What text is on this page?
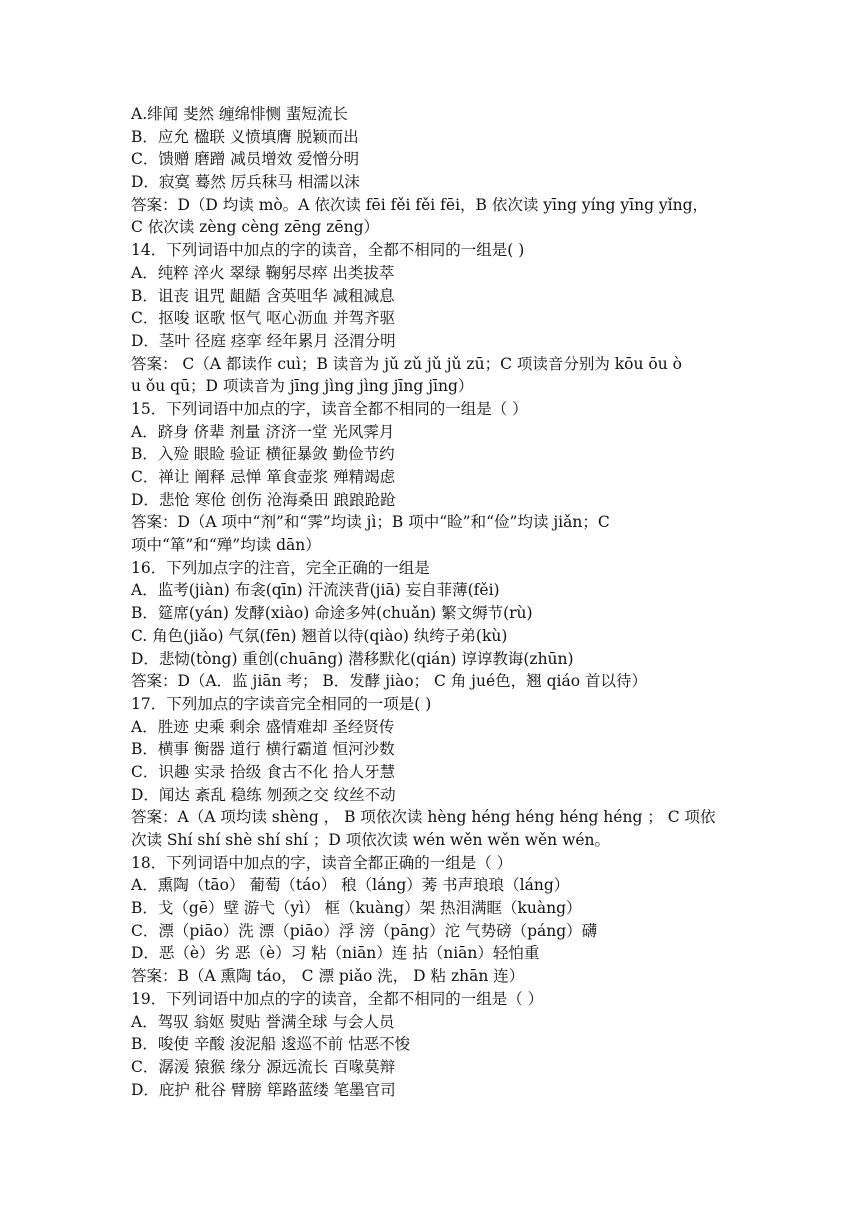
A.绯闻 斐然 缠绵悱恻 蜚短流长
B．应允 楹联 义愤填膺 脱颖而出
C．馈赠 磨蹭 减员增效 爱憎分明
D．寂寞 蓦然 厉兵秣马 相濡以沫
答案：D（D 均读 mò。A 依次读 fēi fěi fěi fēi，B 依次读 yīng yíng yīng yǐng，
C 依次读 zèng cèng zēng zēng）
14．下列词语中加点的字的读音，全都不相同的一组是( )
A．纯粹 淬火 翠绿 鞠躬尽瘁 出类拔萃
B．诅丧 诅咒 龃龉 含英咀华 减租减息
C．抠唆 讴歌 怄气 呕心沥血 并驾齐驱
D．茎叶 径庭 痉挛 经年累月 泾渭分明
答案： C（A 都读作 cuì；B 读音为 jǔ zǔ jǔ jǔ zū；C 项读音分别为 kōu ōu ò
u ǒu qū；D 项读音为 jīng jìng jìng jīng jīng）
15．下列词语中加点的字，读音全都不相同的一组是（ ）
A．跻身 侪辈 剂量 济济一堂 光风霁月
B．入殓 眼睑 验证 横征暴敛 勤俭节约
C．禅让 阐释 忌惮 箪食壶浆 殚精竭虑
D．悲怆 寒伧 创伤 沧海桑田 踉踉跄跄
答案：D（A 项中“剂”和“霁”均读 jì；B 项中“睑”和“俭”均读 jiǎn；C
项中“箪”和“殚”均读 dān）
16．下列加点字的注音，完全正确的一组是
A．监考(jiàn) 布衾(qīn) 汗流浃背(jiā) 妄自菲薄(fěi)
B．筵席(yán) 发酵(xiào) 命途多舛(chuǎn) 繁文缛节(rù)
C. 角色(jiǎo) 气氛(fēn) 翘首以待(qiào) 纨绔子弟(kù)
D．悲恸(tòng) 重创(chuāng) 潜移默化(qián) 谆谆教诲(zhūn)
答案：D（A．监 jiān 考； B．发酵 jiào； C 角 jué色，翘 qiáo 首以待）
17．下列加点的字读音完全相同的一项是( )
A．胜迹 史乘 剩余 盛情难却 圣经贤传
B．横事 衡器 道行 横行霸道 恒河沙数
C．识趣 实录 拾级 食古不化 拾人牙慧
D．闻达 紊乱 稳练 刎颈之交 纹丝不动
答案：A（A 项均读 shèng ， B 项依次读 hèng héng héng héng héng ； C 项依
次读 Shí shí shè shí shí ；D 项依次读 wén wěn wěn wěn wén。
18．下列词语中加点的字，读音全都正确的一组是（ ）
A．熏陶（tāo） 葡萄（táo） 稂（láng）莠 书声琅琅（láng）
B．戈（gē）壁 游弋（yì） 框（kuàng）架 热泪满眶（kuàng）
C．漂（piāo）洗 漂（piāo）浮 滂（pāng）沱 气势磅（páng）礴
D．恶（è）劣 恶（è）习 粘（niān）连 拈（niān）轻怕重
答案：B（A 熏陶 táo， C 漂 piǎo 洗， D 粘 zhān 连）
19．下列词语中加点的字的读音，全都不相同的一组是（ ）
A．驾驭 翁妪 熨贴 誉满全球 与会人员
B．唆使 辛酸 浚泥船 逡巡不前 怙恶不悛
C．潺湲 猿猴 缘分 源远流长 百喙莫辩
D．庇护 秕谷 臂膀 筚路蓝缕 笔墨官司
